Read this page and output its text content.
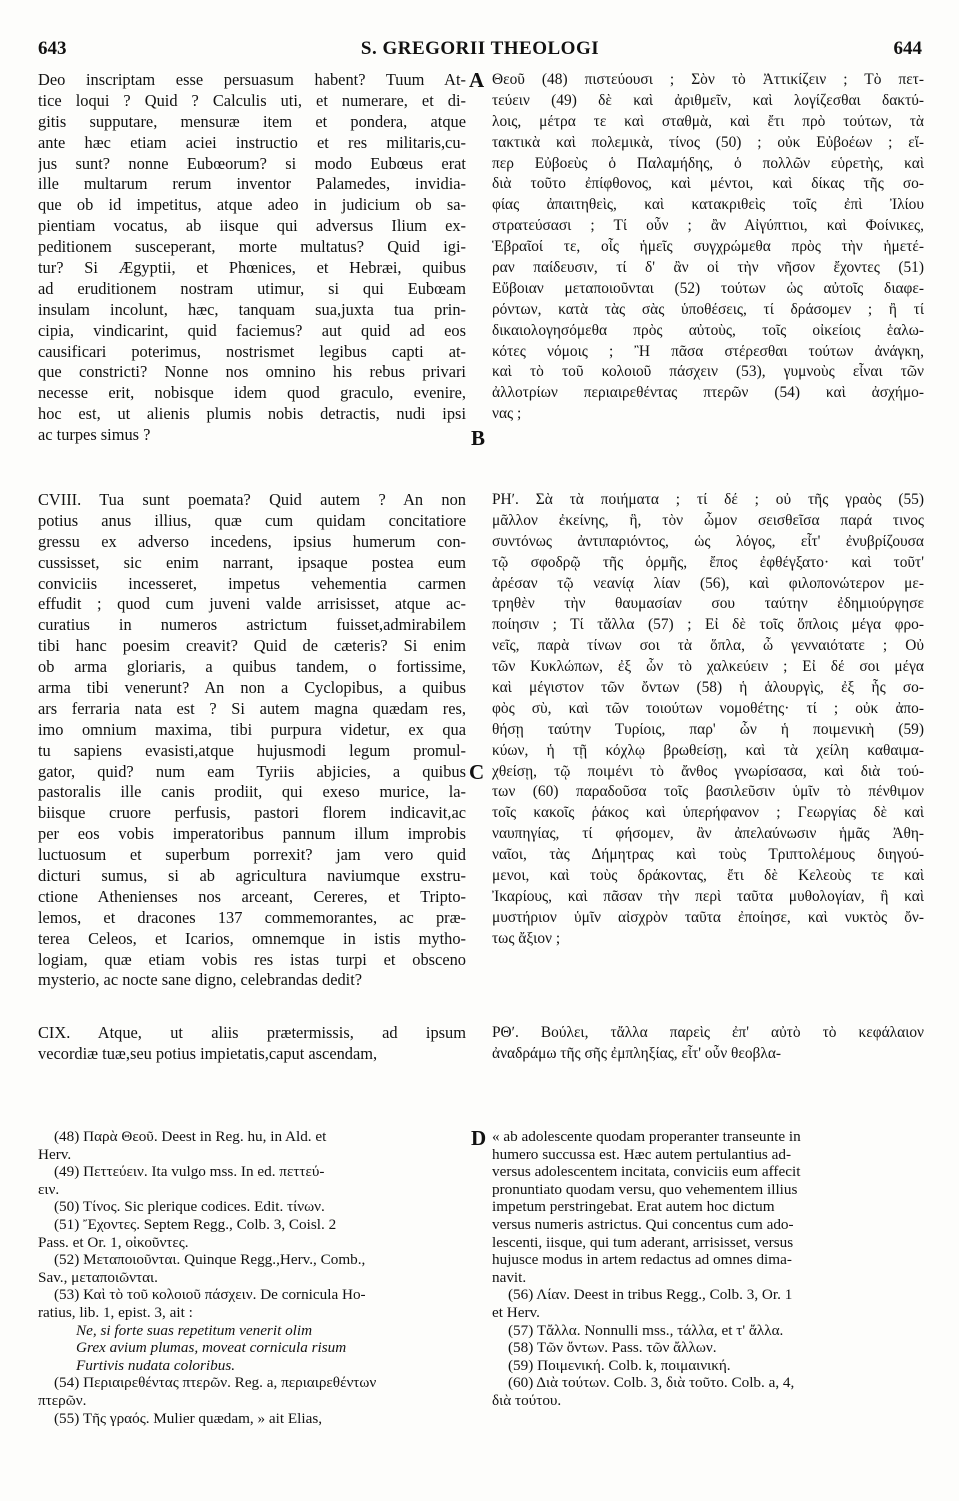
643	S. GREGORII THEOLOGI	644
A
B
C
D
Deo inscriptam esse persuasum habent? Tuum At-
tice loqui ? Quid ? Calculis uti, et numerare, et di-
gitis supputare, mensuræ item et pondera, atque
ante hæc etiam aciei instructio et res militaris,cu-
jus sunt? nonne Eubœorum? si modo Eubœus erat
ille multarum rerum inventor Palamedes, invidia-
que ob id impetitus, atque adeo in judicium ob sa-
pientiam vocatus, ab iisque qui adversus Ilium ex-
peditionem susceperant, morte multatus? Quid igi-
tur? Si Ægyptii, et Phœnices, et Hebræi, quibus
ad eruditionem nostram utimur, si qui Eubœam
insulam incolunt, hæc, tanquam sua,juxta tua prin-
cipia, vindicarint, quid faciemus? aut quid ad eos
causificari poterimus, nostrismet legibus capti at-
que constricti? Nonne nos omnino his rebus privari
necesse erit, nobisque idem quod graculo, evenire,
hoc est, ut alienis plumis nobis detractis, nudi ipsi
ac turpes simus ?
CVIII. Tua sunt poemata? Quid autem ? An non
potius anus illius, quæ cum quidam concitatiore
gressu ex adverso incedens, ipsius humerum con-
cussisset, sic enim narrant, ipsaque postea eum
conviciis incesseret, impetus vehementia carmen
effudit ; quod cum juveni valde arrisisset, atque ac-
curatius in numeros astrictum fuisset,admirabilem
tibi hanc poesim creavit? Quid de cæteris? Si enim
ob arma gloriaris, a quibus tandem, o fortissime,
arma tibi venerunt? An non a Cyclopibus, a quibus
ars ferraria nata est ? Si autem magna quædam res,
imo omnium maxima, tibi purpura videtur, ex qua
tu sapiens evasisti,atque hujusmodi legum promul-
gator, quid? num eam Tyriis abjicies, a quibus
pastoralis ille canis prodiit, qui exeso murice, la-
biisque cruore perfusis, pastori florem indicavit,ac
per eos vobis imperatoribus pannum illum improbis
luctuosum et superbum porrexit? jam vero quid
dicturi sumus, si ab agricultura naviumque exstru-
ctione Athenienses nos arceant, Cereres, et Tripto-
lemos, et dracones 137 commemorantes, ac præ-
terea Celeos, et Icarios, omnemque in istis mytho-
logiam, quæ etiam vobis res istas turpi et obsceno
mysterio, ac nocte sane digno, celebrandas dedit?
CIX. Atque, ut aliis prætermissis, ad ipsum
vecordiæ tuæ,seu potius impietatis,caput ascendam,
Θεοῦ (48) πιστεύουσι ; Σὸν τὸ Ἀττικίζειν ; Τὸ πετ-
τεύειν (49) δὲ καὶ ἀριθμεῖν, καὶ λογίζεσθαι δακτύ-
λοις, μέτρα τε καὶ σταθμὰ, καὶ ἔτι πρὸ τούτων, τὰ
τακτικὰ καὶ πολεμικὰ, τίνος (50) ; οὐκ Εὐβοέων ; εἴ-
περ Εὐβοεὺς ὁ Παλαμήδης, ὁ πολλῶν εὑρετὴς, καὶ
διὰ τοῦτο ἐπίφθονος, καὶ μέντοι, καὶ δίκας τῆς σο-
φίας ἀπαιτηθεὶς, καὶ κατακριθεὶς τοῖς ἐπὶ Ἰλίου
στρατεύσασι ; Τί οὖν ; ἂν Αἰγύπτιοι, καὶ Φοίνικες,
Ἑβραῖοί τε, οἷς ἡμεῖς συγχρώμεθα πρὸς τὴν ἡμετέ-
ραν παίδευσιν, τί δ' ἂν οἱ τὴν νῆσον ἔχοντες (51)
Εὔβοιαν μεταποιοῦνται (52) τούτων ὡς αὐτοῖς διαφε-
ρόντων, κατὰ τὰς σὰς ὑποθέσεις, τί δράσομεν ; ἢ τί
δικαιολογησόμεθα πρὸς αὐτοὺς, τοῖς οἰκείοις ἑαλω-
κότες νόμοις ; Ἢ πᾶσα στέρεσθαι τούτων ἀνάγκη,
καὶ τὸ τοῦ κολοιοῦ πάσχειν (53), γυμνοὺς εἶναι τῶν
ἀλλοτρίων περιαιρεθέντας πτερῶν (54) καὶ ἀσχήμο-
νας ;
ΡΗʹ. Σὰ τὰ ποιήματα ; τί δέ ; οὐ τῆς γραὸς (55)
μᾶλλον ἐκείνης, ἣ, τὸν ὦμον σεισθεῖσα παρά τινος
συντόνως ἀντιπαριόντος, ὡς λόγος, εἶτ' ἐνυβρίζουσα
τῷ σφοδρῷ τῆς ὁρμῆς, ἔπος ἐφθέγξατο· καὶ τοῦτ'
ἀρέσαν τῷ νεανίᾳ λίαν (56), καὶ φιλοπονώτερον με-
τρηθὲν τὴν θαυμασίαν σου ταύτην ἐδημιούργησε
ποίησιν ; Τί τἄλλα (57) ; Εἰ δὲ τοῖς ὅπλοις μέγα φρο-
νεῖς, παρὰ τίνων σοι τὰ ὅπλα, ὦ γενναιότατε ; Οὐ
τῶν Κυκλώπων, ἐξ ὧν τὸ χαλκεύειν ; Εἰ δέ σοι μέγα
καὶ μέγιστον τῶν ὄντων (58) ἡ ἁλουργὶς, ἐξ ἧς σο-
φὸς σὺ, καὶ τῶν τοιούτων νομοθέτης· τί ; οὐκ ἀπο-
θήσῃ ταύτην Τυρίοις, παρ' ὧν ἡ ποιμενικὴ (59)
κύων, ἡ τῇ κόχλῳ βρωθείσῃ, καὶ τὰ χείλη καθαιμα-
χθείσῃ, τῷ ποιμένι τὸ ἄνθος γνωρίσασα, καὶ διὰ τού-
των (60) παραδοῦσα τοῖς βασιλεῦσιν ὑμῖν τὸ πένθιμον
τοῖς κακοῖς ῥάκος καὶ ὑπερήφανον ; Γεωργίας δὲ καὶ
ναυπηγίας, τί φήσομεν, ἂν ἀπελαύνωσιν ἡμᾶς Ἀθη-
ναῖοι, τὰς Δήμητρας καὶ τοὺς Τριπτολέμους διηγού-
μενοι, καὶ τοὺς δράκοντας, ἔτι δὲ Κελεοὺς τε καὶ
Ἰκαρίους, καὶ πᾶσαν τὴν περὶ ταῦτα μυθολογίαν, ἣ καὶ
μυστήριον ὑμῖν αἰσχρὸν ταῦτα ἐποίησε, καὶ νυκτὸς ὄν-
τως ἄξιον ;
ΡΘʹ. Βούλει, τἄλλα παρεὶς ἐπ' αὐτὸ τὸ κεφάλαιον
ἀναδράμω τῆς σῆς ἐμπληξίας, εἶτ' οὖν θεοβλα-
(48) Παρὰ Θεοῦ. Deest in Reg. hu, in Ald. et
Herv.
(49) Πεττεύειν. Ita vulgo mss. In ed. πεττεύ-
ειν.
(50) Τίνος. Sic plerique codices. Edit. τίνων.
(51) Ἔχοντες. Septem Regg., Colb. 3, Coisl. 2
Pass. et Or. 1, οἰκοῦντες.
(52) Μεταποιοῦνται. Quinque Regg.,Herv., Comb.,
Sav., μεταποιῶνται.
(53) Καὶ τὸ τοῦ κολοιοῦ πάσχειν. De cornicula Ho-
ratius, lib. 1, epist. 3, ait :
Ne, si forte suas repetitum venerit olim
Grex avium plumas, moveat cornicula risum
Furtivis nudata coloribus.
(54) Περιαιρεθέντας πτερῶν. Reg. a, περιαιρεθέντων
πτερῶν.
(55) Τῆς γραός. Mulier quædam, » ait Elias,
« ab adolescente quodam properanter transeunte in
humero succussa est. Hæc autem pertulantius ad-
versus adolescentem incitata, conviciis eum affecit
pronuntiato quodam versu, quo vehementem illius
impetum perstringebat. Erat autem hoc dictum
versus numeris astrictus. Qui concentus cum ado-
lescenti, iisque, qui tum aderant, arrisisset, versus
hujusce modus in artem redactus ad omnes dima-
navit.
(56) Λίαν. Deest in tribus Regg., Colb. 3, Or. 1
et Herv.
(57) Τἄλλα. Nonnulli mss., τάλλα, et τ' ἄλλα.
(58) Τῶν ὄντων. Pass. τῶν ἄλλων.
(59) Ποιμενική. Colb. k, ποιμαινική.
(60) Διὰ τούτων. Colb. 3, διὰ τοῦτο. Colb. a, 4,
διὰ τούτου.
